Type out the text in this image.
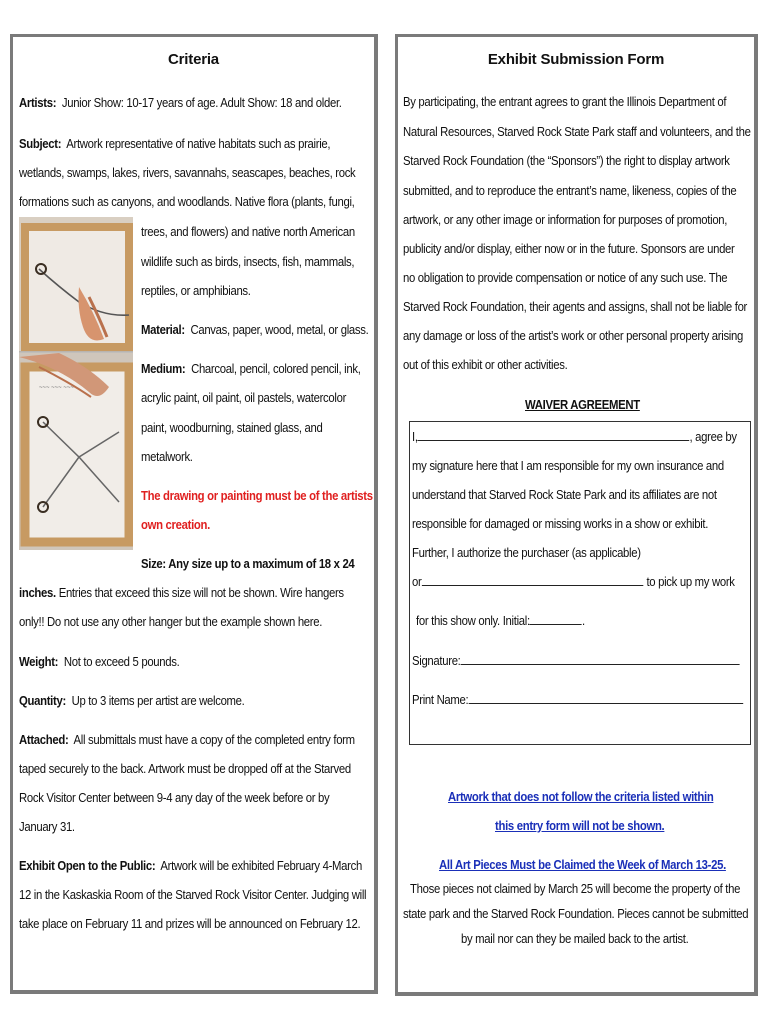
Criteria
Artists: Junior Show: 10-17 years of age. Adult Show: 18 and older.
Subject: Artwork representative of native habitats such as prairie,
wetlands, swamps, lakes, rivers, savannahs, seascapes, beaches, rock
formations such as canyons, and woodlands. Native flora (plants, fungi,
trees, and flowers) and native north American
wildlife such as birds, insects, fish, mammals,
reptiles, or amphibians.
~~~ ~~~ ~~~
Material: Canvas, paper, wood, metal, or glass.
Medium: Charcoal, pencil, colored pencil, ink,
acrylic paint, oil paint, oil pastels, watercolor
paint, woodburning, stained glass, and
metalwork.
The drawing or painting must be of the artists
own creation.
Size: Any size up to a maximum of 18 x 24
inches. Entries that exceed this size will not be shown. Wire hangers
only!! Do not use any other hanger but the example shown here.
Weight: Not to exceed 5 pounds.
Quantity: Up to 3 items per artist are welcome.
Attached: All submittals must have a copy of the completed entry form
taped securely to the back. Artwork must be dropped off at the Starved
Rock Visitor Center between 9-4 any day of the week before or by
January 31.
Exhibit Open to the Public: Artwork will be exhibited February 4-March
12 in the Kaskaskia Room of the Starved Rock Visitor Center. Judging will
take place on February 11 and prizes will be announced on February 12.
Exhibit Submission Form
By participating, the entrant agrees to grant the Illinois Department of
Natural Resources, Starved Rock State Park staff and volunteers, and the
Starved Rock Foundation (the “Sponsors”) the right to display artwork
submitted, and to reproduce the entrant’s name, likeness, copies of the
artwork, or any other image or information for purposes of promotion,
publicity and/or display, either now or in the future. Sponsors are under
no obligation to provide compensation or notice of any such use. The
Starved Rock Foundation, their agents and assigns, shall not be liable for
any damage or loss of the artist’s work or other personal property arising
out of this exhibit or other activities.
WAIVER AGREEMENT
I,	, agree by
my signature here that I am responsible for my own insurance and
understand that Starved Rock State Park and its affiliates are not
responsible for damaged or missing works in a show or exhibit.
Further, I authorize the purchaser (as applicable)
or	to pick up my work
for this show only. Initial:	.
Signature:
Print Name:
Artwork that does not follow the criteria listed within
this entry form will not be shown.
All Art Pieces Must be Claimed the Week of March 13-25.
Those pieces not claimed by March 25 will become the property of the
state park and the Starved Rock Foundation. Pieces cannot be submitted
by mail nor can they be mailed back to the artist.
